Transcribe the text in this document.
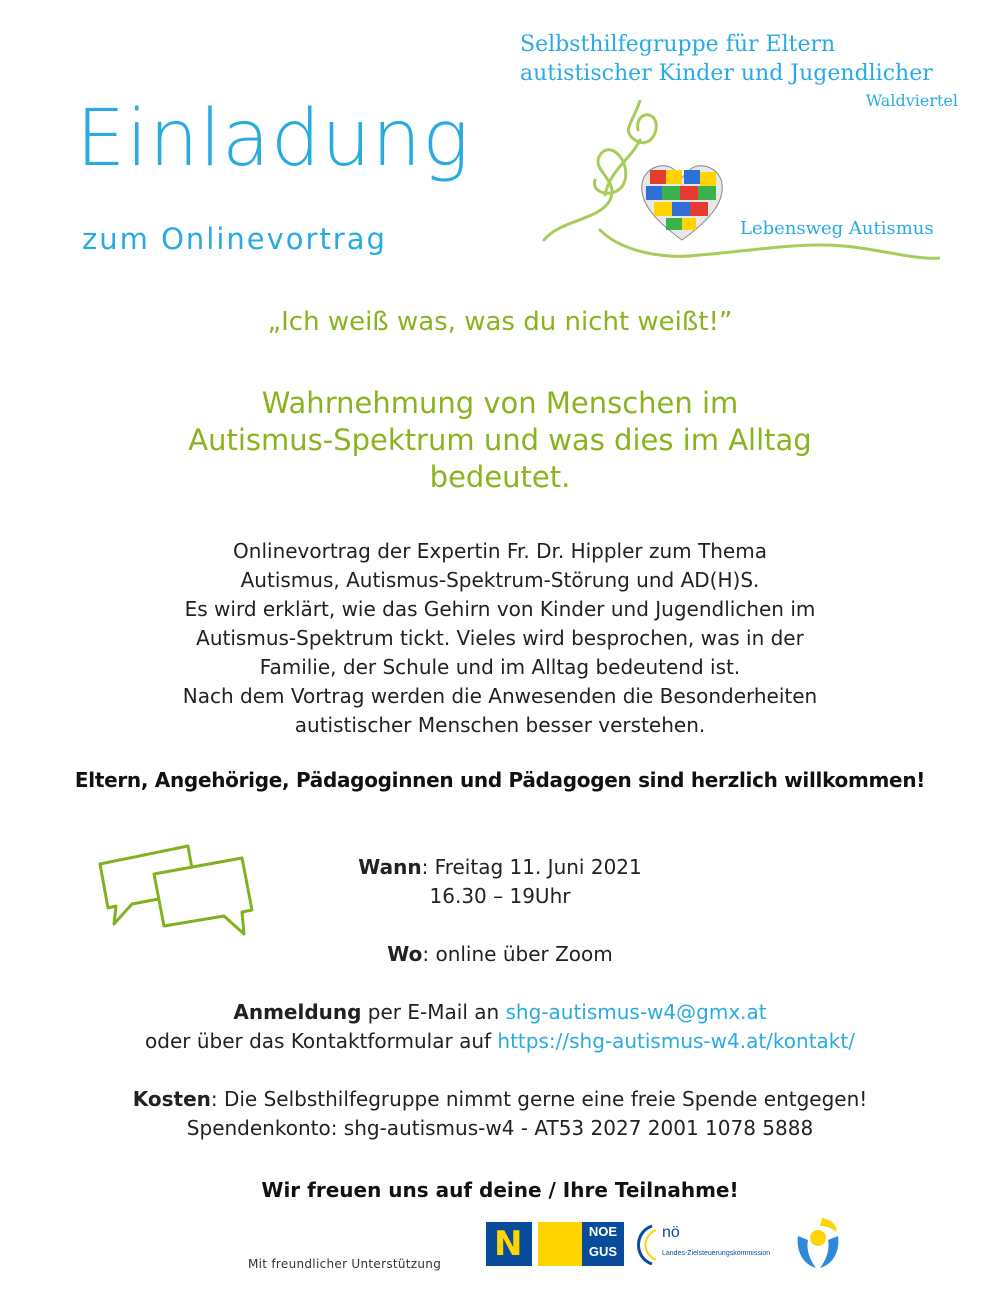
Einladung
zum Onlinevortrag
Selbsthilfegruppe für Eltern
autistischer Kinder und Jugendlicher
Waldviertel
Lebensweg Autismus
„Ich weiß was, was du nicht weißt!”
Wahrnehmung von Menschen im
Autismus-Spektrum und was dies im Alltag
bedeutet.
Onlinevortrag der Expertin Fr. Dr. Hippler zum Thema
Autismus, Autismus-Spektrum-Störung und AD(H)S.
Es wird erklärt, wie das Gehirn von Kinder und Jugendlichen im
Autismus-Spektrum tickt. Vieles wird besprochen, was in der
Familie, der Schule und im Alltag bedeutend ist.
Nach dem Vortrag werden die Anwesenden die Besonderheiten
autistischer Menschen besser verstehen.
Eltern, Angehörige, Pädagoginnen und Pädagogen sind herzlich willkommen!
Wann: Freitag 11. Juni 2021
16.30 – 19Uhr
Wo: online über Zoom
Anmeldung per E-Mail an shg-autismus-w4@gmx.at
oder über das Kontaktformular auf https://shg-autismus-w4.at/kontakt/
Kosten: Die Selbsthilfegruppe nimmt gerne eine freie Spende entgegen!
Spendenkonto: shg-autismus-w4 - AT53 2027 2001 1078 5888
Wir freuen uns auf deine / Ihre Teilnahme!
Mit freundlicher Unterstützung N	NOE
GUS
nö
Landes-Zielsteuerungskommission
